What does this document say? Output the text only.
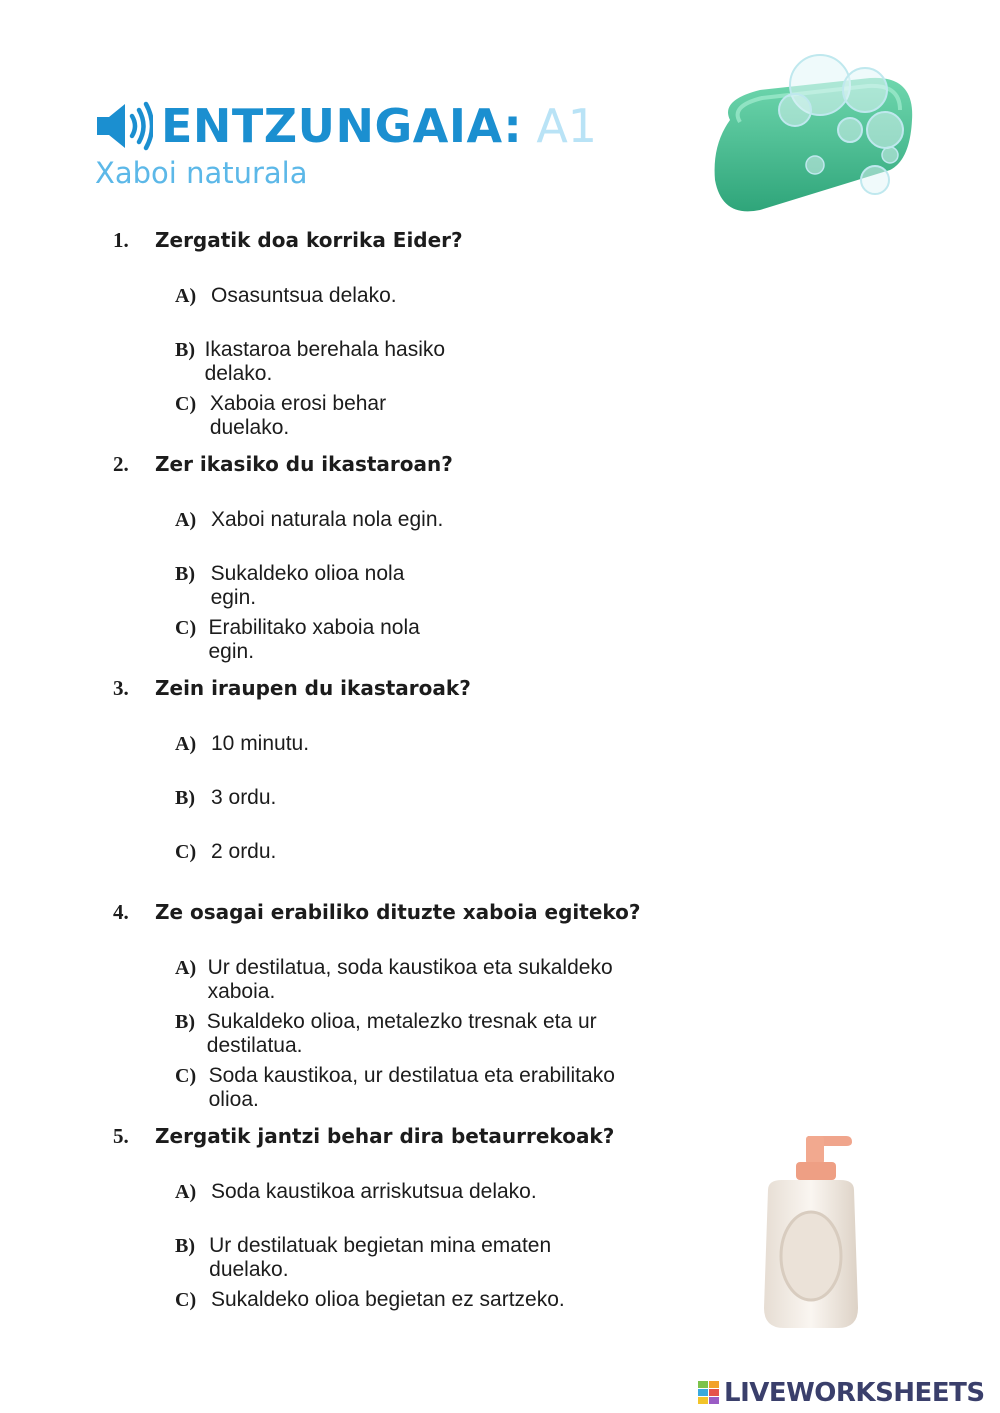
ENTZUNGAIA: A1
Xaboi naturala
1.	Zergatik doa korrika Eider?
A) Osasuntsua delako.
B) Ikastaroa berehala hasiko delako.
C) Xaboia erosi behar duelako.
2.	Zer ikasiko du ikastaroan?
A) Xaboi naturala nola egin.
B) Sukaldeko olioa nola egin.
C) Erabilitako xaboia nola egin.
3.	Zein iraupen du ikastaroak?
A) 10 minutu.
B) 3 ordu.
C) 2 ordu.
4.	Ze osagai erabiliko dituzte xaboia egiteko?
A) Ur destilatua, soda kaustikoa eta sukaldeko xaboia.
B) Sukaldeko olioa, metalezko tresnak eta ur destilatua.
C) Soda kaustikoa, ur destilatua eta erabilitako olioa.
5.	Zergatik jantzi behar dira betaurrekoak?
A) Soda kaustikoa arriskutsua delako.
B) Ur destilatuak begietan mina ematen duelako.
C) Sukaldeko olioa begietan ez sartzeko.
LIVEWORKSHEETS
